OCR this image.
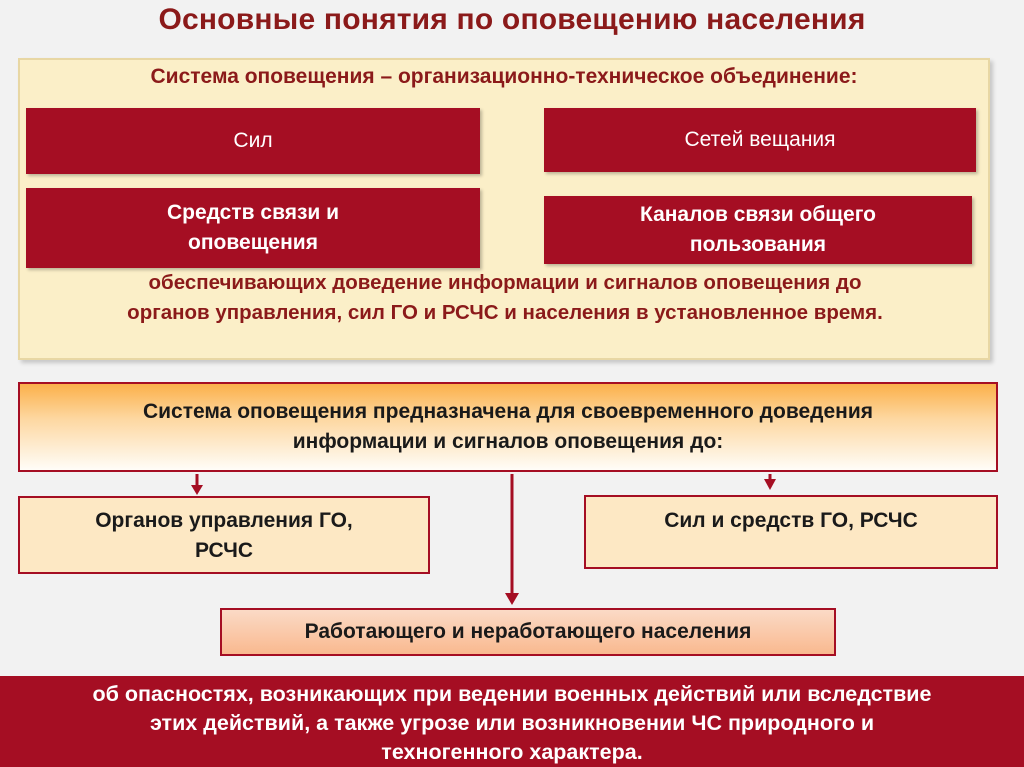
Основные понятия по оповещению населения
Система оповещения – организационно-техническое объединение:
Сил	Сетей вещания
Средств связи и
оповещения
Каналов связи общего
пользования
обеспечивающих доведение информации и сигналов оповещения до
органов управления, сил ГО и РСЧС и населения в установленное время.
Система оповещения предназначена для своевременного доведения
информации и сигналов оповещения до:
Органов управления ГО,
РСЧС
Сил и средств ГО, РСЧС
Работающего и неработающего населения
об опасностях, возникающих при ведении военных действий или вследствие
этих действий, а также угрозе или возникновении ЧС природного и
техногенного характера.
